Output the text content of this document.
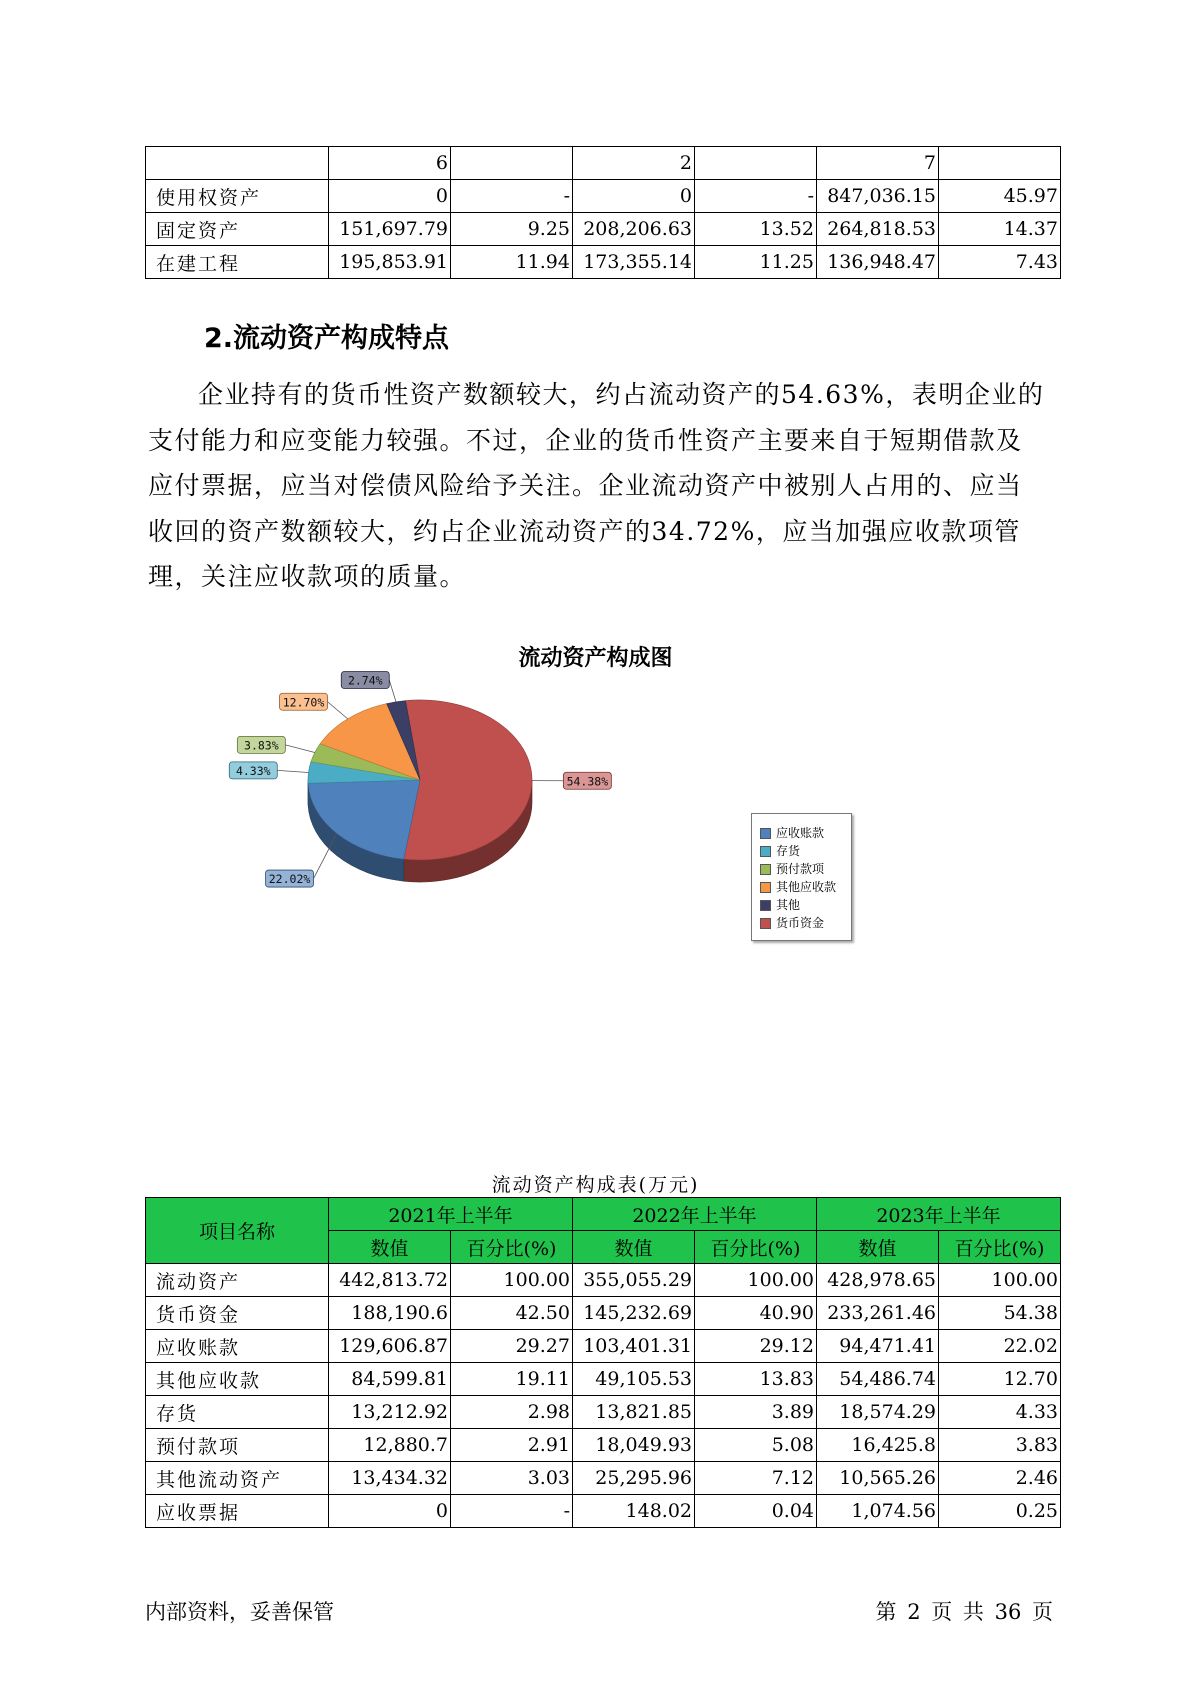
	6		2		7	
使用权资产	0	-	0	-	847,036.15	45.97
固定资产	151,697.79	9.25	208,206.63	13.52	264,818.53	14.37
在建工程	195,853.91	11.94	173,355.14	11.25	136,948.47	7.43
2.流动资产构成特点

企业持有的货币性资产数额较大，约占流动资产的54.63%，表明企业的支付能力和应变能力较强。不过，企业的货币性资产主要来自于短期借款及应付票据，应当对偿债风险给予关注。企业流动资产中被别人占用的、应当收回的资产数额较大，约占企业流动资产的34.72%，应当加强应收款项管理，关注应收款项的质量。

流动资产构成图
54.38%
22.02%
4.33%
3.83%
12.70%
2.74%
应收账款
存货
预付款项
其他应收款
其他
货币资金
流动资产构成表(万元)
项目名称	2021年上半年		2022年上半年		2023年上半年	
	数值	百分比(%)	数值	百分比(%)	数值	百分比(%)
流动资产	442,813.72	100.00	355,055.29	100.00	428,978.65	100.00
货币资金	188,190.6	42.50	145,232.69	40.90	233,261.46	54.38
应收账款	129,606.87	29.27	103,401.31	29.12	94,471.41	22.02
其他应收款	84,599.81	19.11	49,105.53	13.83	54,486.74	12.70
存货	13,212.92	2.98	13,821.85	3.89	18,574.29	4.33
预付款项	12,880.7	2.91	18,049.93	5.08	16,425.8	3.83
其他流动资产	13,434.32	3.03	25,295.96	7.12	10,565.26	2.46
应收票据	0	-	148.02	0.04	1,074.56	0.25
内部资料，妥善保管	第 2 页 共 36 页
